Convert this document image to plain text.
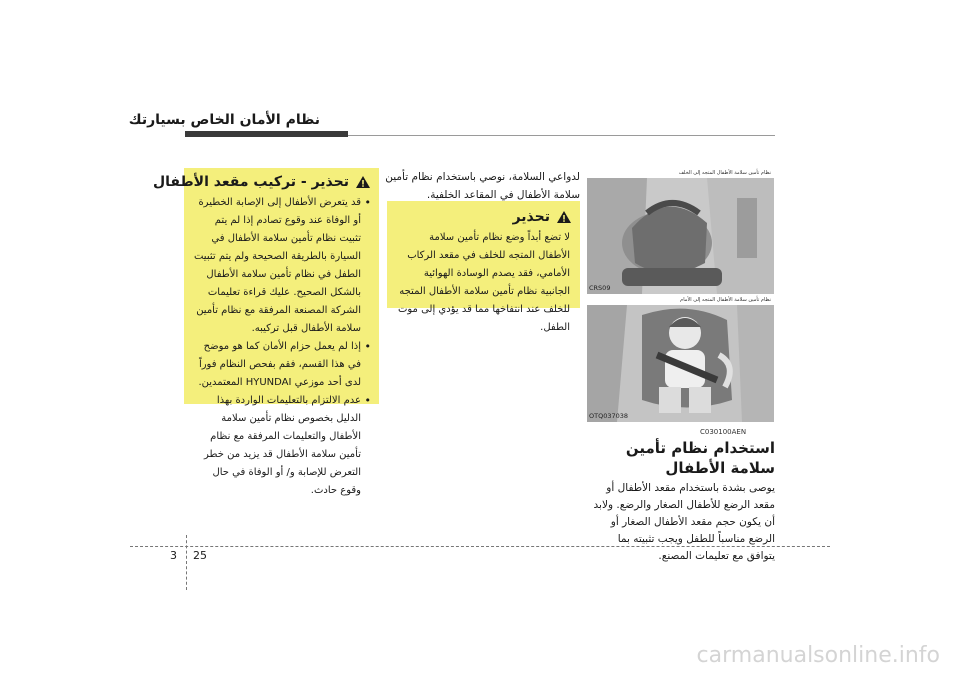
نظام الأمان الخاص بسيارتك
تحذير - تركيب مقعد الأطفال
• قد يتعرض الأطفال إلى الإصابة الخطيرة أو الوفاة عند وقوع تصادم إذا لم يتم تثبيت نظام تأمين سلامة الأطفال في السيارة بالطريقة الصحيحة ولم يتم تثبيت الطفل في نظام تأمين سلامة الأطفال بالشكل الصحيح. عليك قراءة تعليمات الشركة المصنعة المرفقة مع نظام تأمين سلامة الأطفال قبل تركيبه.
• إذا لم يعمل حزام الأمان كما هو موضح في هذا القسم، فقم بفحص النظام فوراً لدى أحد موزعي HYUNDAI المعتمدين.
• عدم الالتزام بالتعليمات الواردة بهذا الدليل بخصوص نظام تأمين سلامة الأطفال والتعليمات المرفقة مع نظام تأمين سلامة الأطفال قد يزيد من خطر التعرض للإصابة و/ أو الوفاة في حال وقوع حادث.
لدواعي السلامة، نوصي باستخدام نظام تأمين سلامة الأطفال في المقاعد الخلفية.
تحذير

لا تضع أبداً وضع نظام تأمين سلامة الأطفال المتجه للخلف في مقعد الركاب الأمامي، فقد يصدم الوسادة الهوائية الجانبية نظام تأمين سلامة الأطفال المتجه للخلف عند انتفاخها مما قد يؤدي إلى موت الطفل.

نظام تأمين سلامة الأطفال المتجه إلى الخلف
CRS09
نظام تأمين سلامة الأطفال المتجه إلى الأمام
OTQ037038
C030100AEN
استخدام نظام تأمين سلامة الأطفال
يوصى بشدة باستخدام مقعد الأطفال أو مقعد الرضع للأطفال الصغار والرضع. ولابد أن يكون حجم مقعد الأطفال الصغار أو الرضع مناسباً للطفل ويجب تثبيته بما يتوافق مع تعليمات المصنع.
3 25
carmanualsonline.info
